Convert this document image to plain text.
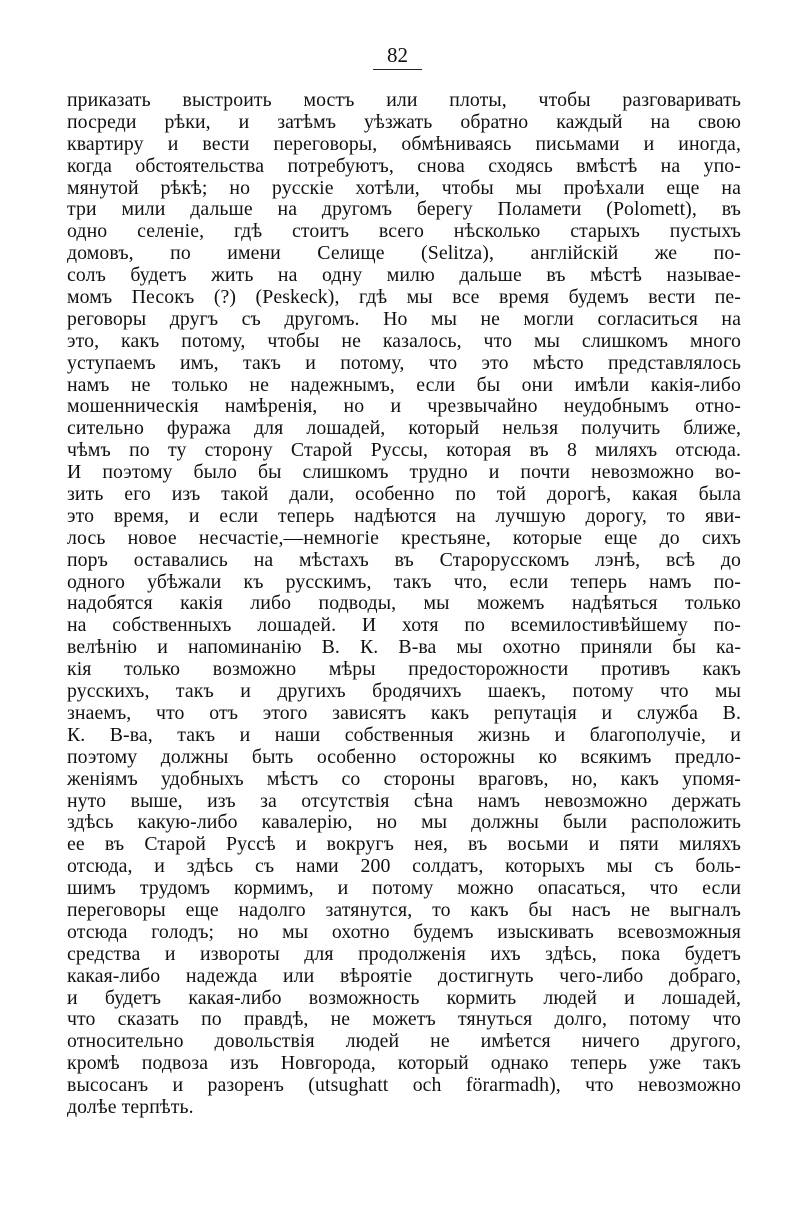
82
приказать выстроить мостъ или плоты, чтобы разговаривать
посреди рѣки, и затѣмъ уѣзжать обратно каждый на свою
квартиру и вести переговоры, обмѣниваясь письмами и иногда,
когда обстоятельства потребуютъ, снова сходясь вмѣстѣ на упо-
мянутой рѣкѣ; но русскіе хотѣли, чтобы мы проѣхали еще на
три мили дальше на другомъ берегу Поламети (Polomett), въ
одно селеніе, гдѣ стоитъ всего нѣсколько старыхъ пустыхъ
домовъ, по имени Селище (Selitza), англійскій же по-
солъ будетъ жить на одну милю дальше въ мѣстѣ называе-
момъ Песокъ (?) (Peskeck), гдѣ мы все время будемъ вести пе-
реговоры другъ съ другомъ. Но мы не могли согласиться на
это, какъ потому, чтобы не казалось, что мы слишкомъ много
уступаемъ имъ, такъ и потому, что это мѣсто представлялось
намъ не только не надежнымъ, если бы они имѣли какія-либо
мошенническія намѣренія, но и чрезвычайно неудобнымъ отно-
сительно фуража для лошадей, который нельзя получить ближе,
чѣмъ по ту сторону Старой Руссы, которая въ 8 миляхъ отсюда.
И поэтому было бы слишкомъ трудно и почти невозможно во-
зить его изъ такой дали, особенно по той дорогѣ, какая была
это время, и если теперь надѣются на лучшую дорогу, то яви-
лось новое несчастіе,—немногіе крестьяне, которые еще до сихъ
поръ оставались на мѣстахъ въ Старорусскомъ лэнѣ, всѣ до
одного убѣжали къ русскимъ, такъ что, если теперь намъ по-
надобятся какія либо подводы, мы можемъ надѣяться только
на собственныхъ лошадей. И хотя по всемилостивѣйшему по-
велѣнію и напоминанію В. К. В-ва мы охотно приняли бы ка-
кія только возможно мѣры предосторожности противъ какъ
русскихъ, такъ и другихъ бродячихъ шаекъ, потому что мы
знаемъ, что отъ этого зависятъ какъ репутація и служба В.
К. В-ва, такъ и наши собственныя жизнь и благополучіе, и
поэтому должны быть особенно осторожны ко всякимъ предло-
женіямъ удобныхъ мѣстъ со стороны враговъ, но, какъ упомя-
нуто выше, изъ за отсутствія сѣна намъ невозможно держать
здѣсь какую-либо кавалерію, но мы должны были расположить
ее въ Старой Руссѣ и вокругъ нея, въ восьми и пяти миляхъ
отсюда, и здѣсь съ нами 200 солдатъ, которыхъ мы съ боль-
шимъ трудомъ кормимъ, и потому можно опасаться, что если
переговоры еще надолго затянутся, то какъ бы насъ не выгналъ
отсюда голодъ; но мы охотно будемъ изыскивать всевозможныя
средства и извороты для продолженія ихъ здѣсь, пока будетъ
какая-либо надежда или вѣроятіе достигнуть чего-либо добраго,
и будетъ какая-либо возможность кормить людей и лошадей,
что сказать по правдѣ, не можетъ тянуться долго, потому что
относительно довольствія людей не имѣется ничего другого,
кромѣ подвоза изъ Новгорода, который однако теперь уже такъ
высосанъ и разоренъ (utsughatt och förarmadh), что невозможно
долѣе терпѣть.
